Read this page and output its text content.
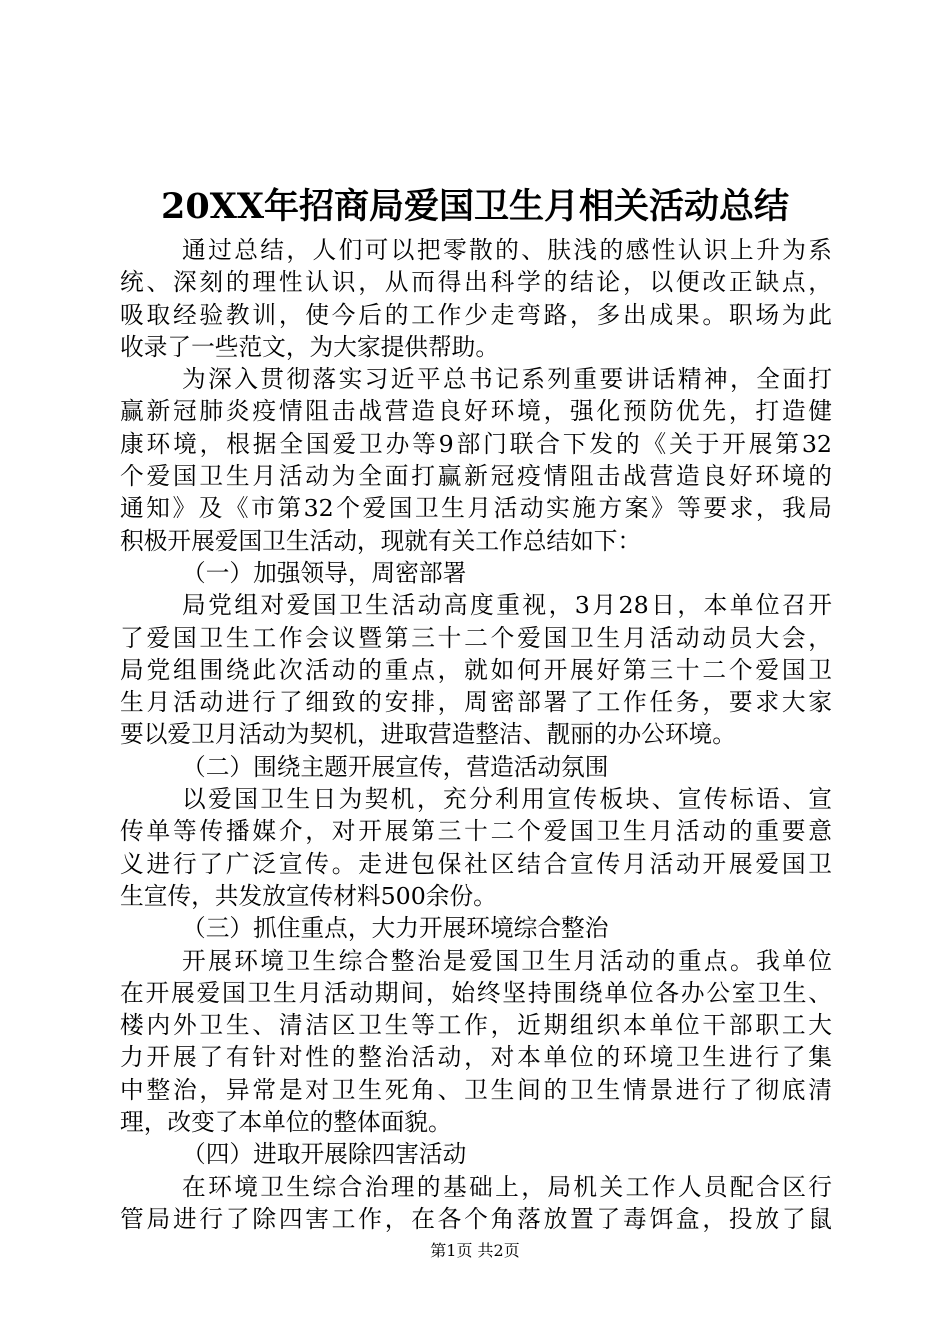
20XX年招商局爱国卫生月相关活动总结
通过总结，人们可以把零散的、肤浅的感性认识上升为系
统、深刻的理性认识，从而得出科学的结论，以便改正缺点，
吸取经验教训，使今后的工作少走弯路，多出成果。职场为此
收录了一些范文，为大家提供帮助。
为深入贯彻落实习近平总书记系列重要讲话精神，全面打
赢新冠肺炎疫情阻击战营造良好环境，强化预防优先，打造健
康环境，根据全国爱卫办等9部门联合下发的《关于开展第32
个爱国卫生月活动为全面打赢新冠疫情阻击战营造良好环境的
通知》及《市第32个爱国卫生月活动实施方案》等要求，我局
积极开展爱国卫生活动，现就有关工作总结如下：
（一）加强领导，周密部署
局党组对爱国卫生活动高度重视，3月28日，本单位召开
了爱国卫生工作会议暨第三十二个爱国卫生月活动动员大会，
局党组围绕此次活动的重点，就如何开展好第三十二个爱国卫
生月活动进行了细致的安排，周密部署了工作任务，要求大家
要以爱卫月活动为契机，进取营造整洁、靓丽的办公环境。
（二）围绕主题开展宣传，营造活动氛围
以爱国卫生日为契机，充分利用宣传板块、宣传标语、宣
传单等传播媒介，对开展第三十二个爱国卫生月活动的重要意
义进行了广泛宣传。走进包保社区结合宣传月活动开展爱国卫
生宣传，共发放宣传材料500余份。
（三）抓住重点，大力开展环境综合整治
开展环境卫生综合整治是爱国卫生月活动的重点。我单位
在开展爱国卫生月活动期间，始终坚持围绕单位各办公室卫生、
楼内外卫生、清洁区卫生等工作，近期组织本单位干部职工大
力开展了有针对性的整治活动，对本单位的环境卫生进行了集
中整治，异常是对卫生死角、卫生间的卫生情景进行了彻底清
理，改变了本单位的整体面貌。
（四）进取开展除四害活动
在环境卫生综合治理的基础上，局机关工作人员配合区行
管局进行了除四害工作，在各个角落放置了毒饵盒，投放了鼠
第1页 共2页
